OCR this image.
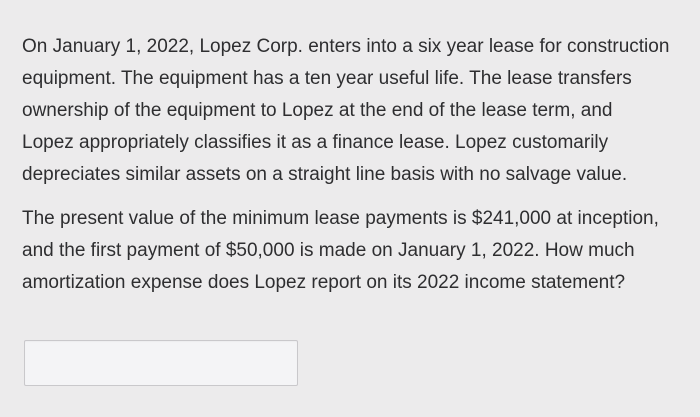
On January 1, 2022, Lopez Corp. enters into a six year lease for construction
equipment. The equipment has a ten year useful life. The lease transfers
ownership of the equipment to Lopez at the end of the lease term, and
Lopez appropriately classifies it as a finance lease. Lopez customarily
depreciates similar assets on a straight line basis with no salvage value.

The present value of the minimum lease payments is $241,000 at inception,
and the first payment of $50,000 is made on January 1, 2022. How much
amortization expense does Lopez report on its 2022 income statement?
